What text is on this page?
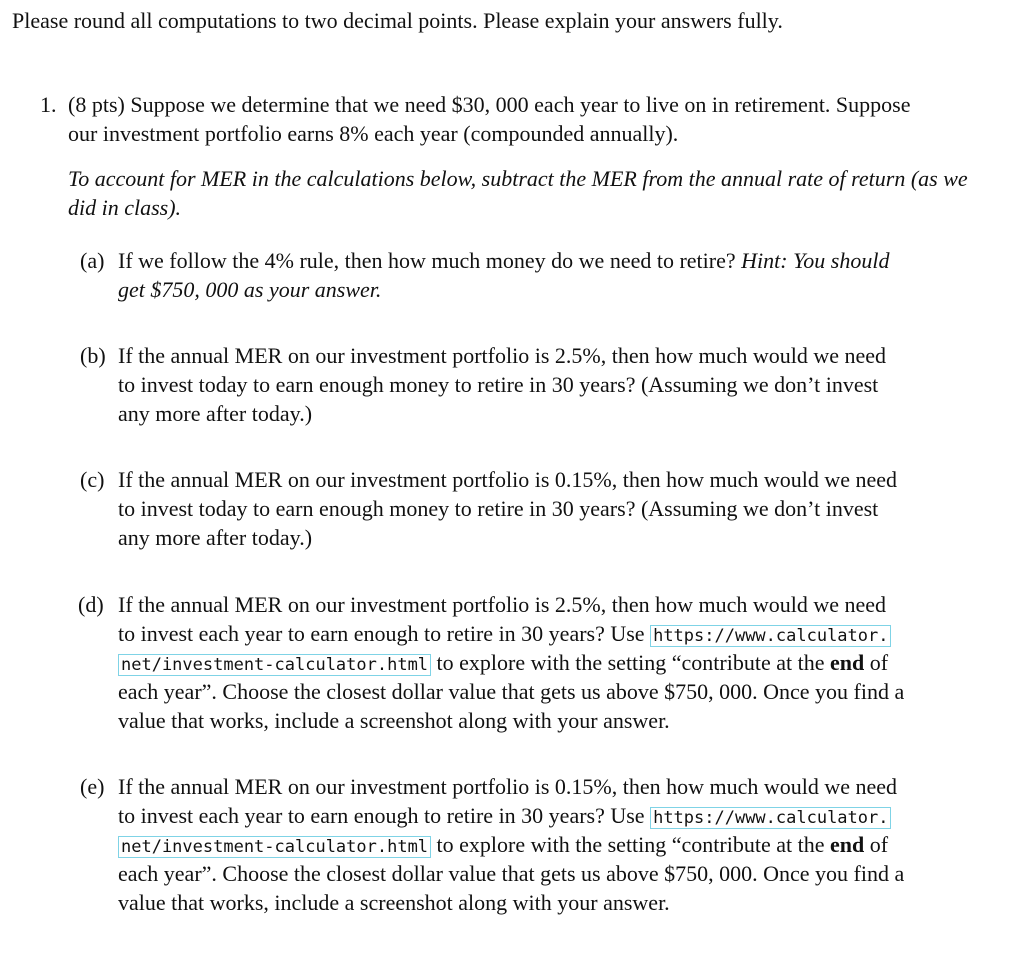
Please round all computations to two decimal points. Please explain your answers fully.
1. (8 pts) Suppose we determine that we need $30, 000 each year to live on in retirement. Suppose
our investment portfolio earns 8% each year (compounded annually).
To account for MER in the calculations below, subtract the MER from the annual rate of return (as we
did in class).
(a) If we follow the 4% rule, then how much money do we need to retire? Hint: You should
get $750, 000 as your answer.
(b) If the annual MER on our investment portfolio is 2.5%, then how much would we need
to invest today to earn enough money to retire in 30 years? (Assuming we don’t invest
any more after today.)
(c) If the annual MER on our investment portfolio is 0.15%, then how much would we need
to invest today to earn enough money to retire in 30 years? (Assuming we don’t invest
any more after today.)
(d) If the annual MER on our investment portfolio is 2.5%, then how much would we need
to invest each year to earn enough to retire in 30 years? Use https://www.calculator.
net/investment-calculator.html to explore with the setting “contribute at the end of
each year”. Choose the closest dollar value that gets us above $750, 000. Once you find a
value that works, include a screenshot along with your answer.
(e) If the annual MER on our investment portfolio is 0.15%, then how much would we need
to invest each year to earn enough to retire in 30 years? Use https://www.calculator.
net/investment-calculator.html to explore with the setting “contribute at the end of
each year”. Choose the closest dollar value that gets us above $750, 000. Once you find a
value that works, include a screenshot along with your answer.
